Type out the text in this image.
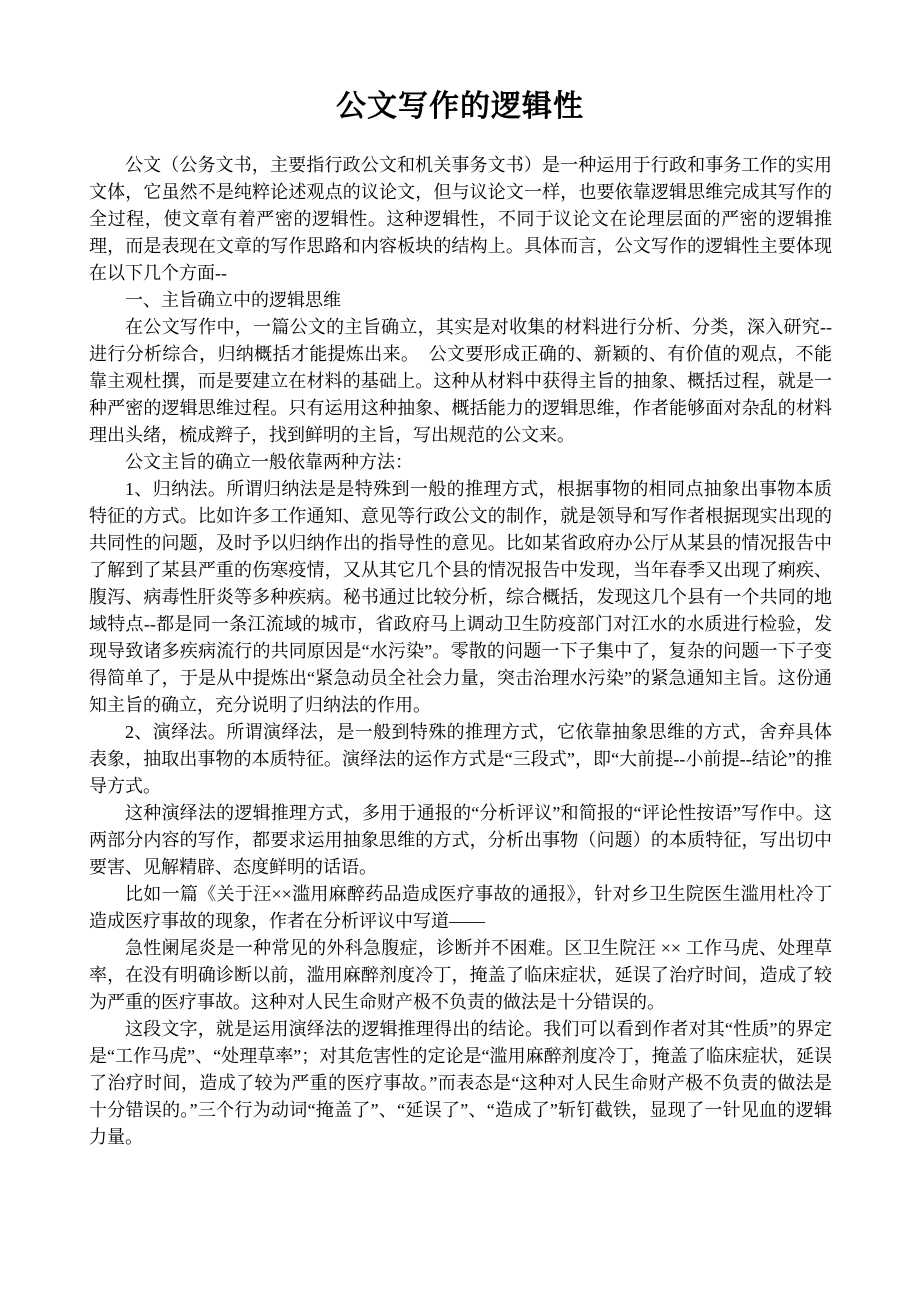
公文写作的逻辑性

公文（公务文书，主要指行政公文和机关事务文书）是一种运用于行政和事务工作的实用文体，它虽然不是纯粹论述观点的议论文，但与议论文一样，也要依靠逻辑思维完成其写作的全过程，使文章有着严密的逻辑性。这种逻辑性，不同于议论文在论理层面的严密的逻辑推理，而是表现在文章的写作思路和内容板块的结构上。具体而言，公文写作的逻辑性主要体现在以下几个方面--

一、主旨确立中的逻辑思维

在公文写作中，一篇公文的主旨确立，其实是对收集的材料进行分析、分类，深入研究--进行分析综合，归纳概括才能提炼出来。　公文要形成正确的、新颖的、有价值的观点，不能靠主观杜撰，而是要建立在材料的基础上。这种从材料中获得主旨的抽象、概括过程，就是一种严密的逻辑思维过程。只有运用这种抽象、概括能力的逻辑思维，作者能够面对杂乱的材料理出头绪，梳成辫子，找到鲜明的主旨，写出规范的公文来。

公文主旨的确立一般依靠两种方法：

1、归纳法。所谓归纳法是是特殊到一般的推理方式，根据事物的相同点抽象出事物本质特征的方式。比如许多工作通知、意见等行政公文的制作，就是领导和写作者根据现实出现的共同性的问题，及时予以归纳作出的指导性的意见。比如某省政府办公厅从某县的情况报告中了解到了某县严重的伤寒疫情，又从其它几个县的情况报告中发现，当年春季又出现了痢疾、腹泻、病毒性肝炎等多种疾病。秘书通过比较分析，综合概括，发现这几个县有一个共同的地域特点--都是同一条江流域的城市，省政府马上调动卫生防疫部门对江水的水质进行检验，发现导致诸多疾病流行的共同原因是“水污染”。零散的问题一下子集中了，复杂的问题一下子变得简单了，于是从中提炼出“紧急动员全社会力量，突击治理水污染”的紧急通知主旨。这份通知主旨的确立，充分说明了归纳法的作用。

2、演绎法。所谓演绎法，是一般到特殊的推理方式，它依靠抽象思维的方式，舍弃具体表象，抽取出事物的本质特征。演绎法的运作方式是“三段式”，即“大前提--小前提--结论”的推导方式。

这种演绎法的逻辑推理方式，多用于通报的“分析评议”和简报的“评论性按语”写作中。这两部分内容的写作，都要求运用抽象思维的方式，分析出事物（问题）的本质特征，写出切中要害、见解精辟、态度鲜明的话语。

比如一篇《关于汪××滥用麻醉药品造成医疗事故的通报》，针对乡卫生院医生滥用杜冷丁造成医疗事故的现象，作者在分析评议中写道——

急性阑尾炎是一种常见的外科急腹症，诊断并不困难。区卫生院汪 ×× 工作马虎、处理草率，在没有明确诊断以前，滥用麻醉剂度冷丁，掩盖了临床症状，延误了治疗时间，造成了较为严重的医疗事故。这种对人民生命财产极不负责的做法是十分错误的。

这段文字，就是运用演绎法的逻辑推理得出的结论。我们可以看到作者对其“性质”的界定是“工作马虎”、“处理草率”；对其危害性的定论是“滥用麻醉剂度冷丁，掩盖了临床症状，延误了治疗时间，造成了较为严重的医疗事故。”而表态是“这种对人民生命财产极不负责的做法是十分错误的。”三个行为动词“掩盖了”、“延误了”、“造成了”斩钉截铁，显现了一针见血的逻辑力量。
